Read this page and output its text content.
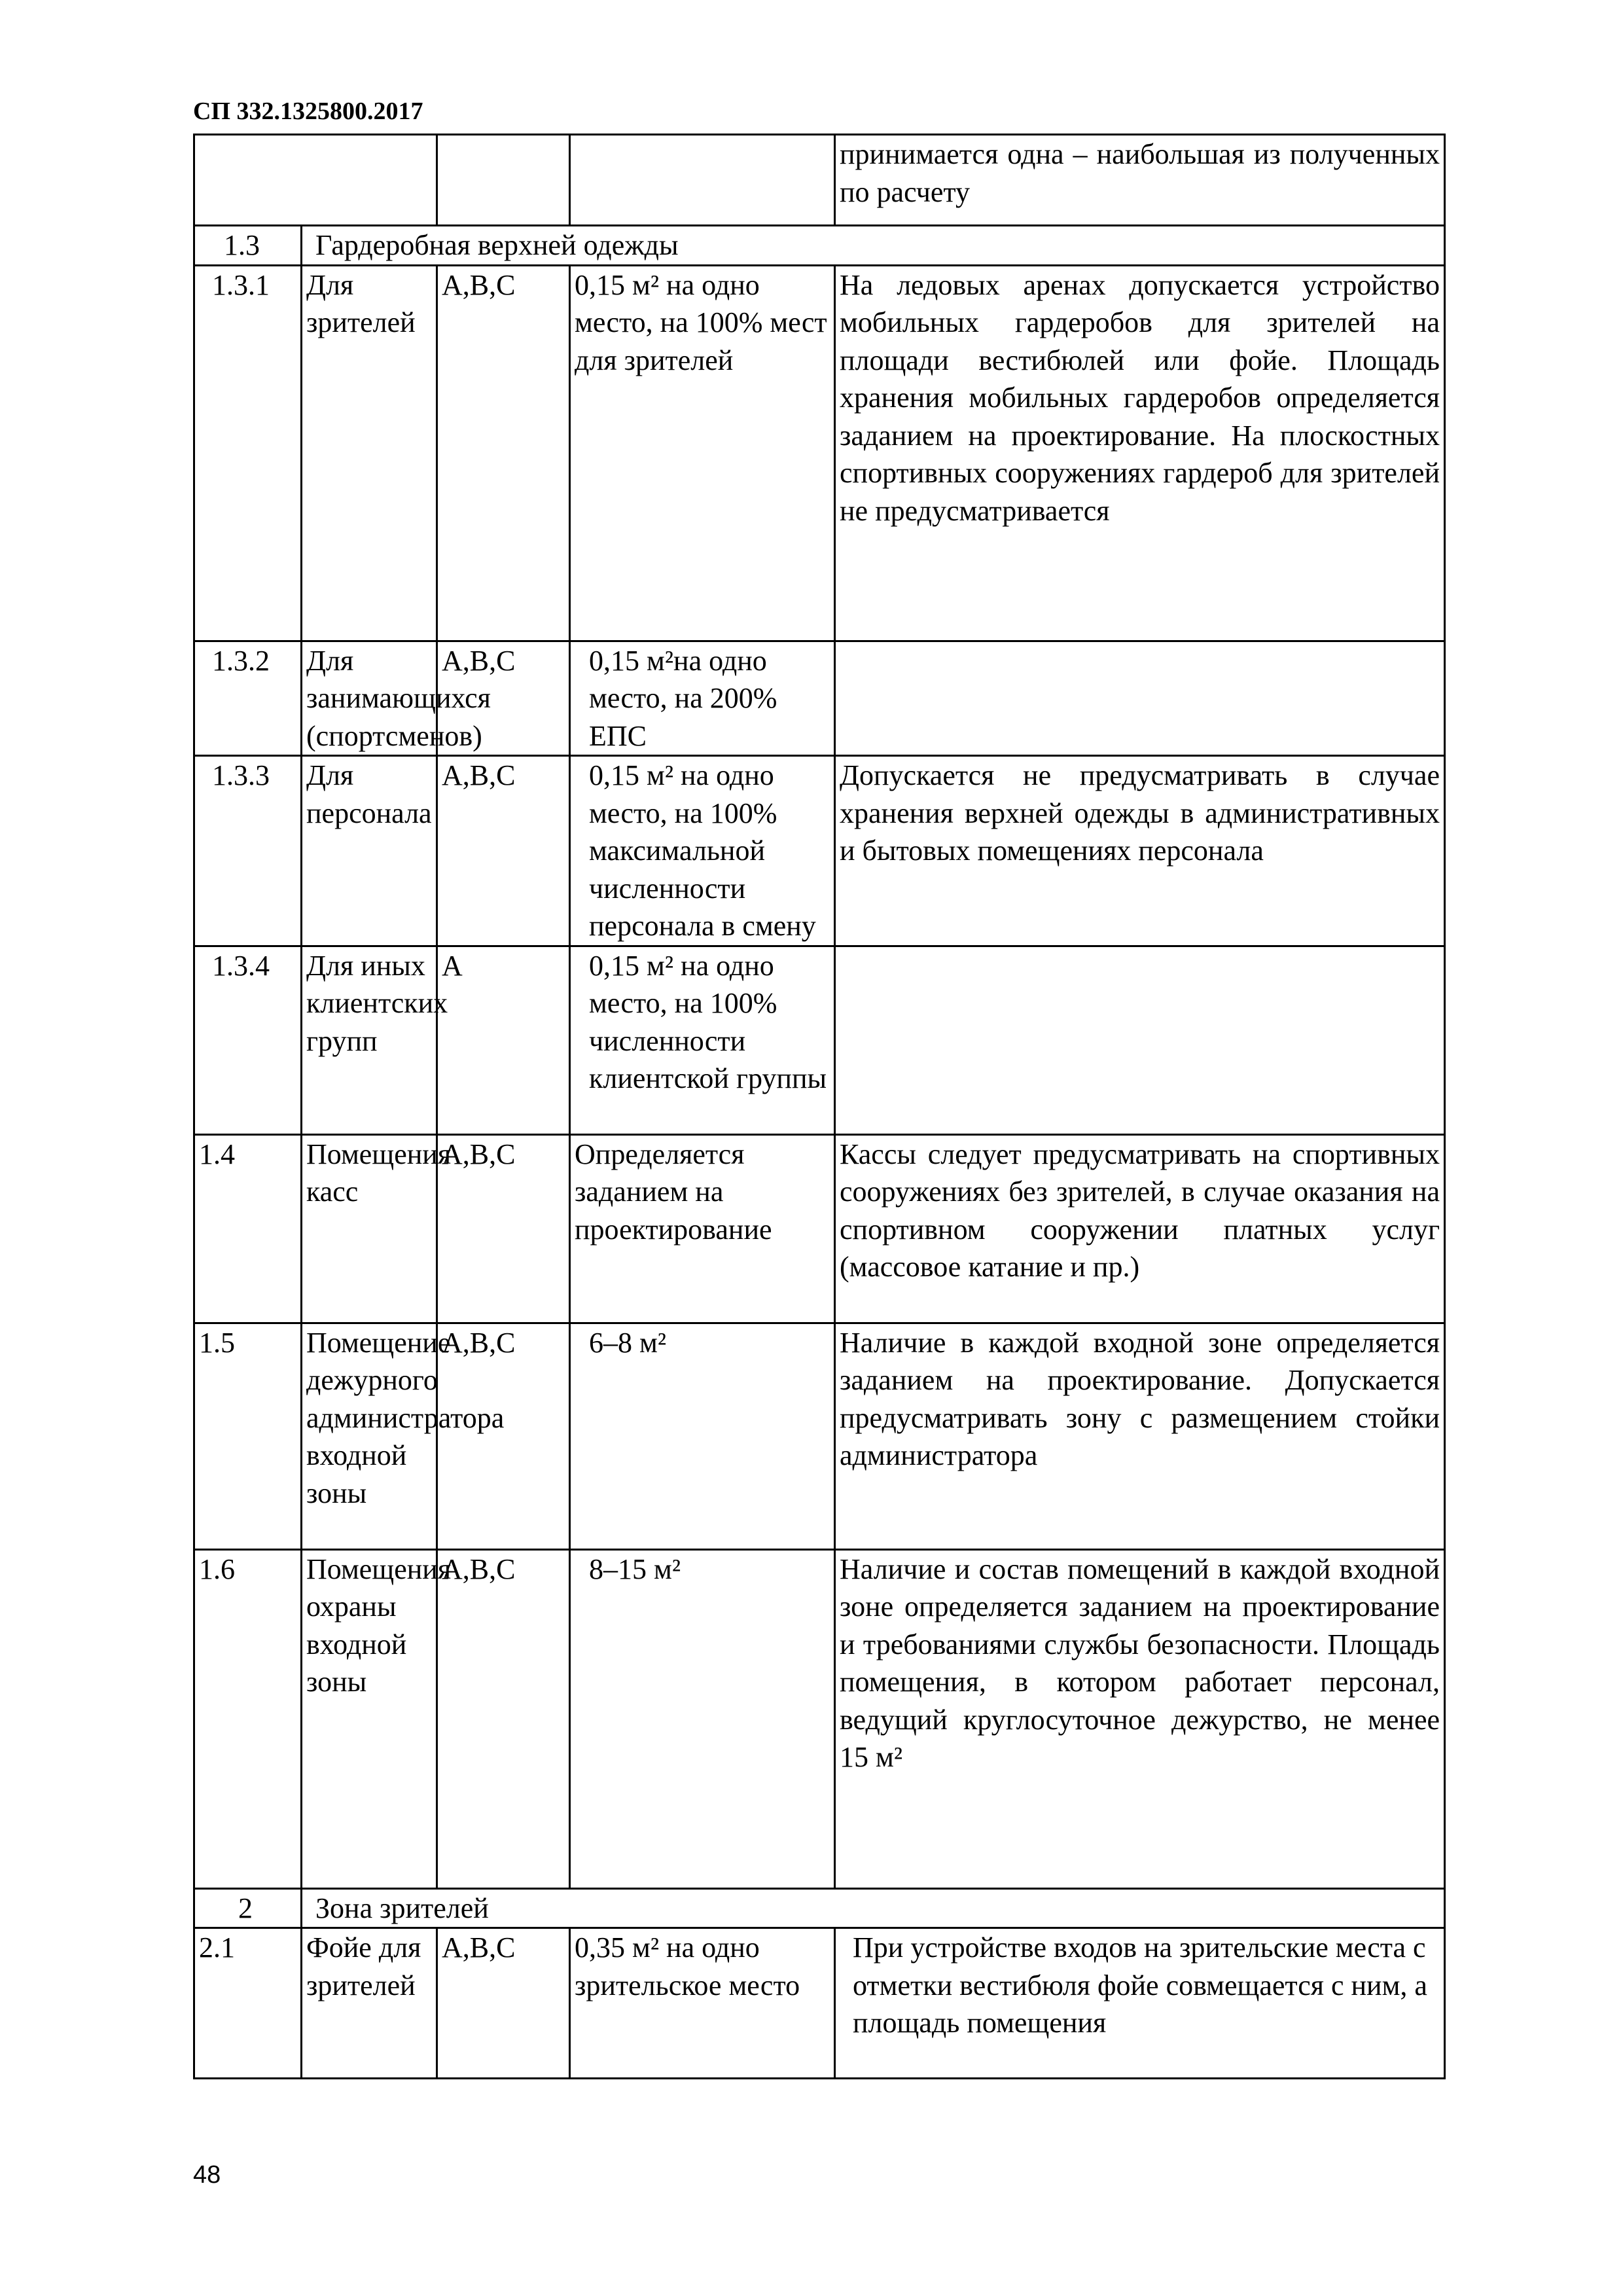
СП 332.1325800.2017
				принимается одна – наибольшая из полученных по расчету
1.3	Гардеробная верхней одежды			
1.3.1	Для зрителей	А,В,С	0,15 м² на одно место, на 100% мест для зрителей	На ледовых аренах допускается устройство мобильных гардеробов для зрителей на площади вестибюлей или фойе. Площадь хранения мобильных гардеробов определяется заданием на проектирование. На плоскостных спортивных сооружениях гардероб для зрителей не предусматривается
1.3.2	Для занимающихся (спортсменов)	А,В,С	0,15 м²на одно место, на 200% ЕПС	
1.3.3	Для персонала	А,В,С	0,15 м² на одно место, на 100% максимальной численности персонала в смену	Допускается не предусматривать в случае хранения верхней одежды в административных и бытовых помещениях персонала
1.3.4	Для иных клиентских групп	А	0,15 м² на одно место, на 100% численности клиентской группы	
1.4	Помещения касс	А,В,С	Определяется заданием на проектирование	Кассы следует предусматривать на спортивных сооружениях без зрителей, в случае оказания на спортивном сооружении платных услуг (массовое катание и пр.)
1.5	Помещение дежурного администратора входной зоны	А,В,С	6–8 м²	Наличие в каждой входной зоне определяется заданием на проектирование. Допускается предусматривать зону с размещением стойки администратора
1.6	Помещения охраны входной зоны	А,В,С	8–15 м²	Наличие и состав помещений в каждой входной зоне определяется заданием на проектирование и требованиями службы безопасности. Площадь помещения, в котором работает персонал, ведущий круглосуточное дежурство, не менее 15 м²
2	Зона зрителей			
2.1	Фойе для зрителей	А,В,С	0,35 м² на одно зрительское место	При устройстве входов на зрительские места с отметки вестибюля фойе совмещается с ним, а площадь помещения
48
